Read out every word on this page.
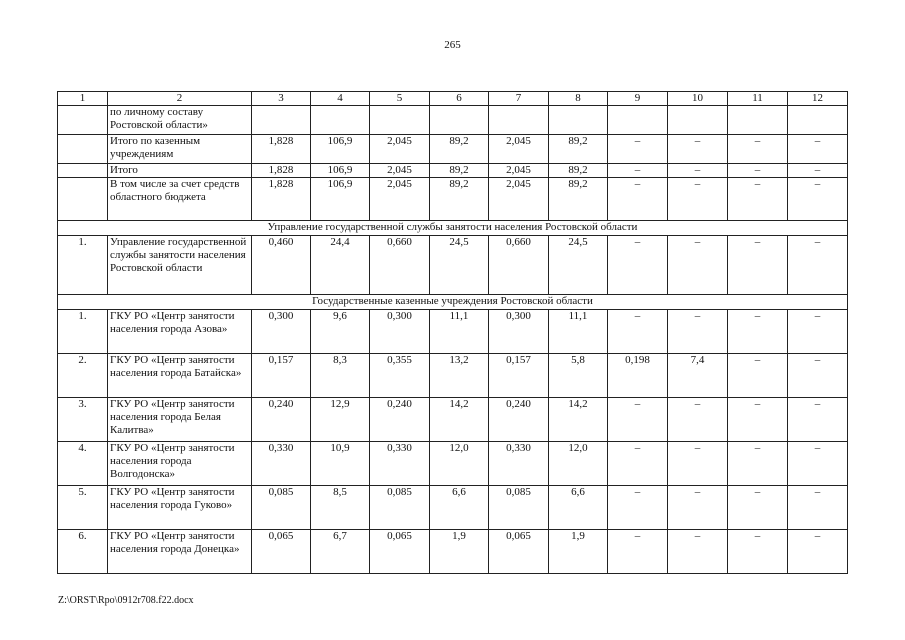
265
1	2	3	4	5	6	7	8	9	10	11	12
	по личному составу Ростовской области»										
	Итого по казенным учреждениям	1,828	106,9	2,045	89,2	2,045	89,2	–	–	–	–
	Итого	1,828	106,9	2,045	89,2	2,045	89,2	–	–	–	–
	В том числе за счет средств областного бюджета	1,828	106,9	2,045	89,2	2,045	89,2	–	–	–	–
Управление государственной службы занятости населения Ростовской области											
1.	Управление государственной службы занятости населения Ростовской области	0,460	24,4	0,660	24,5	0,660	24,5	–	–	–	–
Государственные казенные учреждения Ростовской области											
1.	ГКУ РО «Центр занятости населения города Азова»	0,300	9,6	0,300	11,1	0,300	11,1	–	–	–	–
2.	ГКУ РО «Центр занятости населения города Батайска»	0,157	8,3	0,355	13,2	0,157	5,8	0,198	7,4	–	–
3.	ГКУ РО «Центр занятости населения города Белая Калитва»	0,240	12,9	0,240	14,2	0,240	14,2	–	–	–	–
4.	ГКУ РО «Центр занятости населения города Волгодонска»	0,330	10,9	0,330	12,0	0,330	12,0	–	–	–	–
5.	ГКУ РО «Центр занятости населения города Гуково»	0,085	8,5	0,085	6,6	0,085	6,6	–	–	–	–
6.	ГКУ РО «Центр занятости населения города Донецка»	0,065	6,7	0,065	1,9	0,065	1,9	–	–	–	–
Z:\ORST\Rpo\0912r708.f22.docx
